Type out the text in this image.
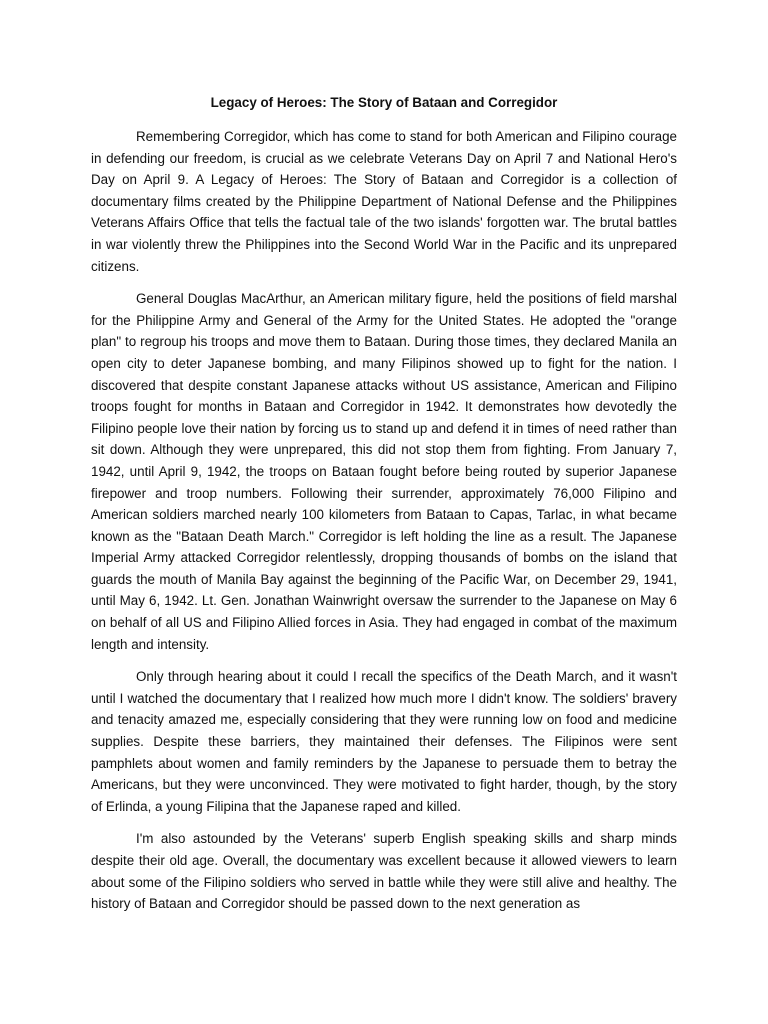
Legacy of Heroes: The Story of Bataan and Corregidor

Remembering Corregidor, which has come to stand for both American and Filipino courage in defending our freedom, is crucial as we celebrate Veterans Day on April 7 and National Hero's Day on April 9. A Legacy of Heroes: The Story of Bataan and Corregidor is a collection of documentary films created by the Philippine Department of National Defense and the Philippines Veterans Affairs Office that tells the factual tale of the two islands' forgotten war. The brutal battles in war violently threw the Philippines into the Second World War in the Pacific and its unprepared citizens.

General Douglas MacArthur, an American military figure, held the positions of field marshal for the Philippine Army and General of the Army for the United States. He adopted the "orange plan" to regroup his troops and move them to Bataan. During those times, they declared Manila an open city to deter Japanese bombing, and many Filipinos showed up to fight for the nation. I discovered that despite constant Japanese attacks without US assistance, American and Filipino troops fought for months in Bataan and Corregidor in 1942. It demonstrates how devotedly the Filipino people love their nation by forcing us to stand up and defend it in times of need rather than sit down. Although they were unprepared, this did not stop them from fighting. From January 7, 1942, until April 9, 1942, the troops on Bataan fought before being routed by superior Japanese firepower and troop numbers. Following their surrender, approximately 76,000 Filipino and American soldiers marched nearly 100 kilometers from Bataan to Capas, Tarlac, in what became known as the "Bataan Death March." Corregidor is left holding the line as a result. The Japanese Imperial Army attacked Corregidor relentlessly, dropping thousands of bombs on the island that guards the mouth of Manila Bay against the beginning of the Pacific War, on December 29, 1941, until May 6, 1942. Lt. Gen. Jonathan Wainwright oversaw the surrender to the Japanese on May 6 on behalf of all US and Filipino Allied forces in Asia. They had engaged in combat of the maximum length and intensity.

Only through hearing about it could I recall the specifics of the Death March, and it wasn't until I watched the documentary that I realized how much more I didn't know. The soldiers' bravery and tenacity amazed me, especially considering that they were running low on food and medicine supplies. Despite these barriers, they maintained their defenses. The Filipinos were sent pamphlets about women and family reminders by the Japanese to persuade them to betray the Americans, but they were unconvinced. They were motivated to fight harder, though, by the story of Erlinda, a young Filipina that the Japanese raped and killed.

I'm also astounded by the Veterans' superb English speaking skills and sharp minds despite their old age. Overall, the documentary was excellent because it allowed viewers to learn about some of the Filipino soldiers who served in battle while they were still alive and healthy. The history of Bataan and Corregidor should be passed down to the next generation as
